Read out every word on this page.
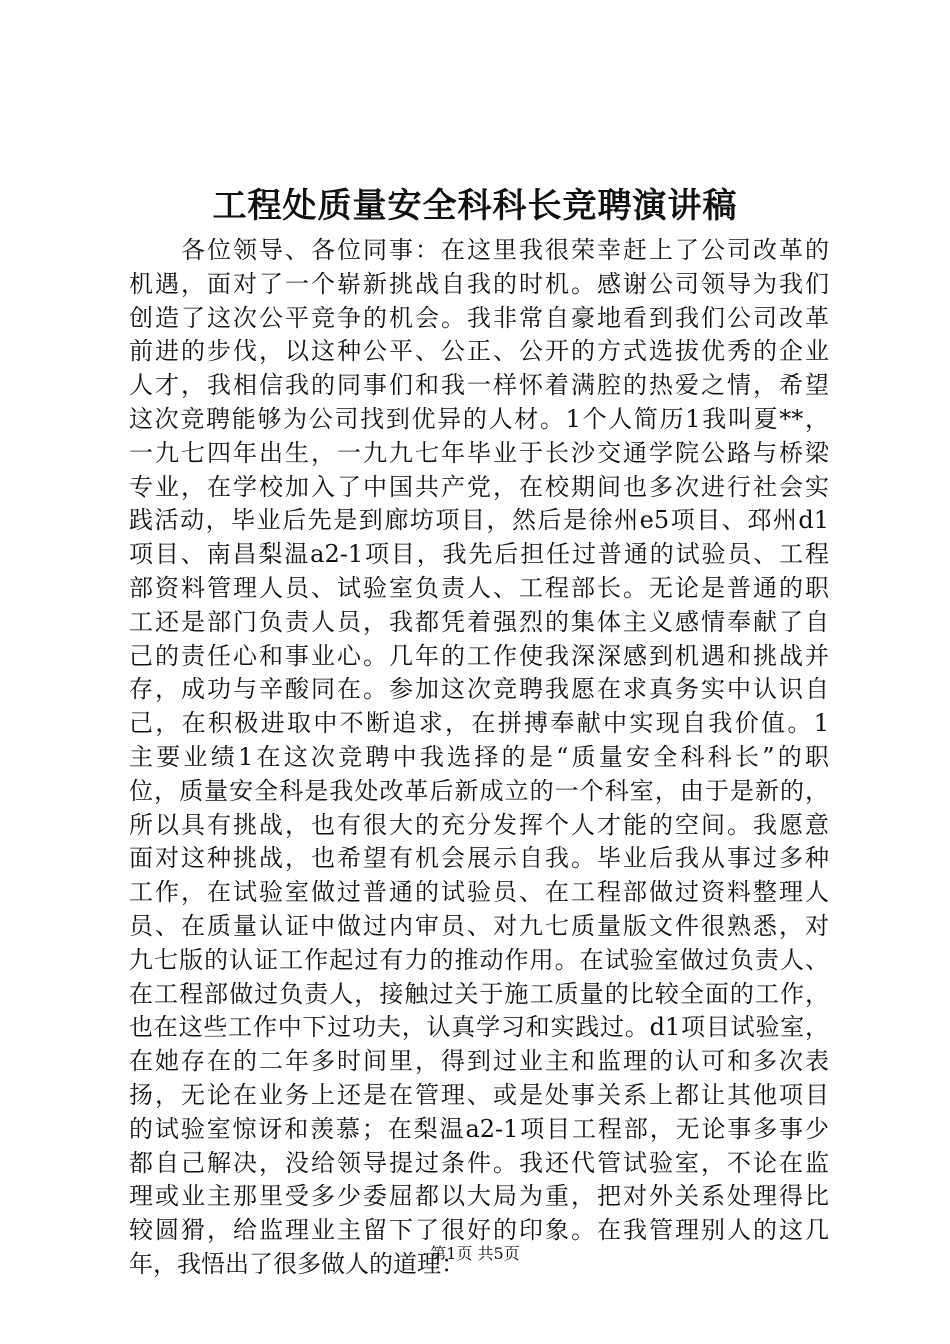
工程处质量安全科科长竞聘演讲稿
各位领导、各位同事：在这里我很荣幸赶上了公司改革的
机遇，面对了一个崭新挑战自我的时机。感谢公司领导为我们
创造了这次公平竞争的机会。我非常自豪地看到我们公司改革
前进的步伐，以这种公平、公正、公开的方式选拔优秀的企业
人才，我相信我的同事们和我一样怀着满腔的热爱之情，希望
这次竞聘能够为公司找到优异的人材。1个人简历1我叫夏**，
一九七四年出生，一九九七年毕业于长沙交通学院公路与桥梁
专业，在学校加入了中国共产党，在校期间也多次进行社会实
践活动，毕业后先是到廊坊项目，然后是徐州e5项目、邳州d1
项目、南昌梨温a2-1项目，我先后担任过普通的试验员、工程
部资料管理人员、试验室负责人、工程部长。无论是普通的职
工还是部门负责人员，我都凭着强烈的集体主义感情奉献了自
己的责任心和事业心。几年的工作使我深深感到机遇和挑战并
存，成功与辛酸同在。参加这次竞聘我愿在求真务实中认识自
己，在积极进取中不断追求，在拼搏奉献中实现自我价值。1
主要业绩1在这次竞聘中我选择的是“质量安全科科长”的职
位，质量安全科是我处改革后新成立的一个科室，由于是新的，
所以具有挑战，也有很大的充分发挥个人才能的空间。我愿意
面对这种挑战，也希望有机会展示自我。毕业后我从事过多种
工作，在试验室做过普通的试验员、在工程部做过资料整理人
员、在质量认证中做过内审员、对九七质量版文件很熟悉，对
九七版的认证工作起过有力的推动作用。在试验室做过负责人、
在工程部做过负责人，接触过关于施工质量的比较全面的工作，
也在这些工作中下过功夫，认真学习和实践过。d1项目试验室，
在她存在的二年多时间里，得到过业主和监理的认可和多次表
扬，无论在业务上还是在管理、或是处事关系上都让其他项目
的试验室惊讶和羡慕；在梨温a2-1项目工程部，无论事多事少
都自己解决，没给领导提过条件。我还代管试验室，不论在监
理或业主那里受多少委屈都以大局为重，把对外关系处理得比
较圆猾，给监理业主留下了很好的印象。在我管理别人的这几
年，我悟出了很多做人的道理：
第1页 共5页
